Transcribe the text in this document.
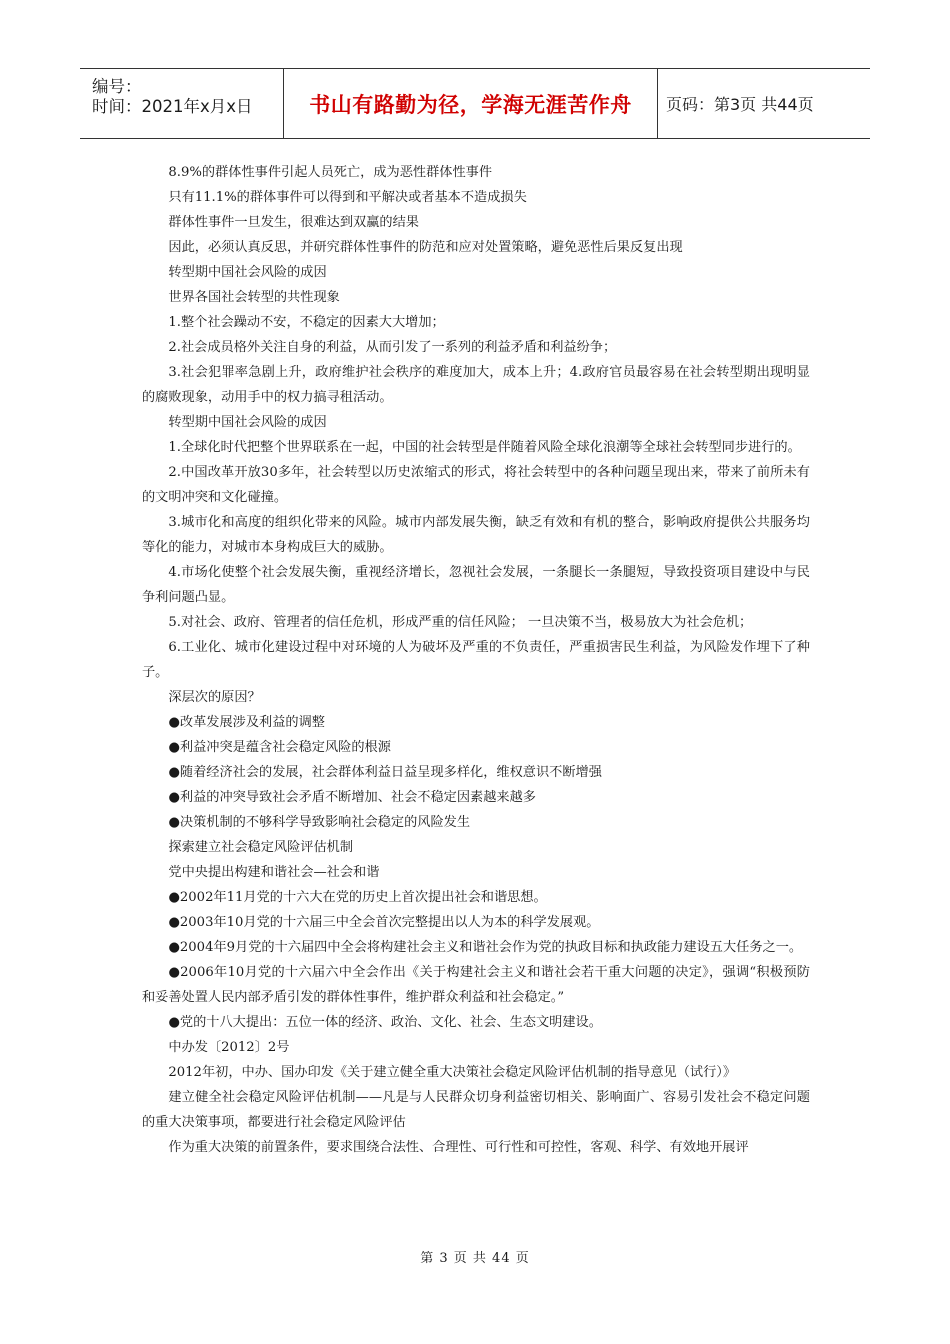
编号：
时间：2021年x月x日	书山有路勤为径，学海无涯苦作舟 页码：第3页 共44页

8.9%的群体性事件引起人员死亡，成为恶性群体性事件

只有11.1%的群体事件可以得到和平解决或者基本不造成损失

群体性事件一旦发生，很难达到双赢的结果

因此，必须认真反思，并研究群体性事件的防范和应对处置策略，避免恶性后果反复出现

转型期中国社会风险的成因

世界各国社会转型的共性现象

1.整个社会躁动不安，不稳定的因素大大增加；

2.社会成员格外关注自身的利益，从而引发了一系列的利益矛盾和利益纷争；

3.社会犯罪率急剧上升，政府维护社会秩序的难度加大，成本上升；4.政府官员最容易在社会转型期出现明显的腐败现象，动用手中的权力搞寻租活动。

转型期中国社会风险的成因

1.全球化时代把整个世界联系在一起，中国的社会转型是伴随着风险全球化浪潮等全球社会转型同步进行的。

2.中国改革开放30多年，社会转型以历史浓缩式的形式，将社会转型中的各种问题呈现出来，带来了前所未有的文明冲突和文化碰撞。

3.城市化和高度的组织化带来的风险。城市内部发展失衡，缺乏有效和有机的整合，影响政府提供公共服务均等化的能力，对城市本身构成巨大的威胁。

4.市场化使整个社会发展失衡，重视经济增长，忽视社会发展，一条腿长一条腿短，导致投资项目建设中与民争利问题凸显。

5.对社会、政府、管理者的信任危机，形成严重的信任风险； 一旦决策不当，极易放大为社会危机；

6.工业化、城市化建设过程中对环境的人为破坏及严重的不负责任，严重损害民生利益，为风险发作埋下了种子。

深层次的原因？

●改革发展涉及利益的调整

●利益冲突是蕴含社会稳定风险的根源

●随着经济社会的发展，社会群体利益日益呈现多样化，维权意识不断增强

●利益的冲突导致社会矛盾不断增加、社会不稳定因素越来越多

●决策机制的不够科学导致影响社会稳定的风险发生

探索建立社会稳定风险评估机制

党中央提出构建和谐社会—社会和谐

●2002年11月党的十六大在党的历史上首次提出社会和谐思想。

●2003年10月党的十六届三中全会首次完整提出以人为本的科学发展观。

●2004年9月党的十六届四中全会将构建社会主义和谐社会作为党的执政目标和执政能力建设五大任务之一。

●2006年10月党的十六届六中全会作出《关于构建社会主义和谐社会若干重大问题的决定》，强调“积极预防和妥善处置人民内部矛盾引发的群体性事件，维护群众利益和社会稳定。”

●党的十八大提出：五位一体的经济、政治、文化、社会、生态文明建设。

中办发〔2012〕2号

2012年初，中办、国办印发《关于建立健全重大决策社会稳定风险评估机制的指导意见（试行）》

建立健全社会稳定风险评估机制——凡是与人民群众切身利益密切相关、影响面广、容易引发社会不稳定问题的重大决策事项，都要进行社会稳定风险评估

作为重大决策的前置条件，要求围绕合法性、合理性、可行性和可控性，客观、科学、有效地开展评

第 3 页 共 44 页
